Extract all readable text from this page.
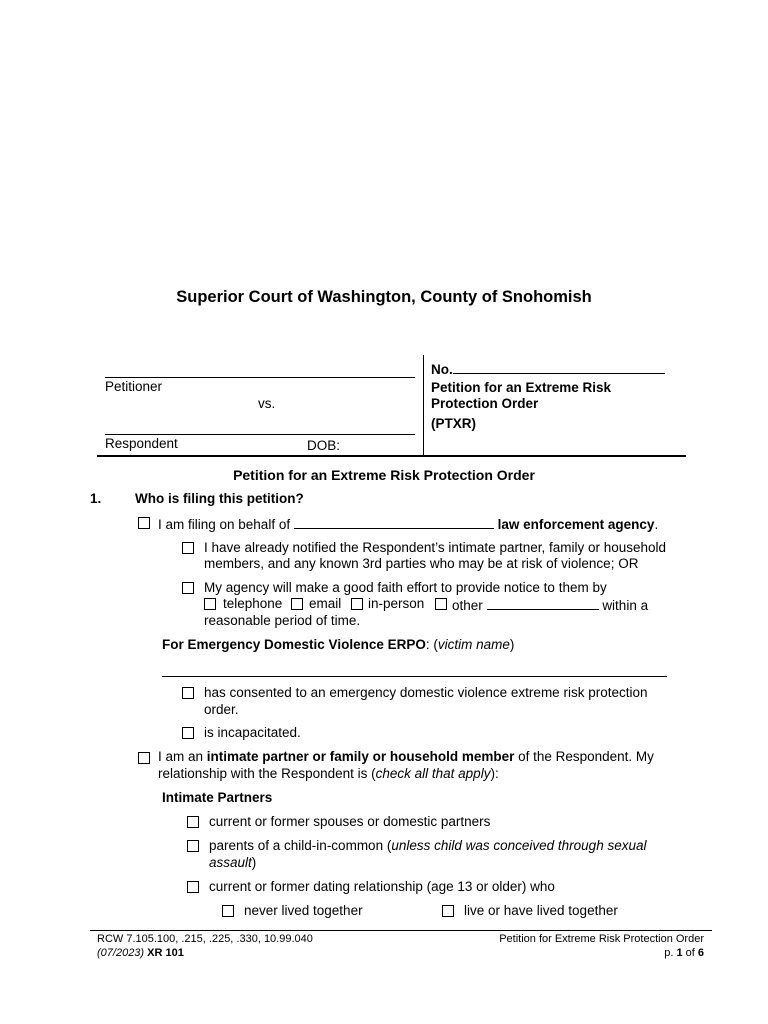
Superior Court of Washington, County of Snohomish
Petitioner
vs.
Respondent	DOB:
No.
Petition for an Extreme Risk
Protection Order
(PTXR)
Petition for an Extreme Risk Protection Order
1. Who is filing this petition?
I am filing on behalf of	law enforcement agency.
I have already notified the Respondent’s intimate partner, family or household
members, and any known 3rd parties who may be at risk of violence; OR
My agency will make a good faith effort to provide notice to them by
telephone email in-person other	within a
reasonable period of time.
For Emergency Domestic Violence ERPO: (victim name)
has consented to an emergency domestic violence extreme risk protection
order.
is incapacitated.
I am an intimate partner or family or household member of the Respondent. My
relationship with the Respondent is (check all that apply):
Intimate Partners
current or former spouses or domestic partners
parents of a child-in-common (unless child was conceived through sexual
assault)
current or former dating relationship (age 13 or older) who
never lived together	live or have lived together
RCW 7.105.100, .215, .225, .330, 10.99.040
(07/2023) XR 101
Petition for Extreme Risk Protection Order
p. 1 of 6
